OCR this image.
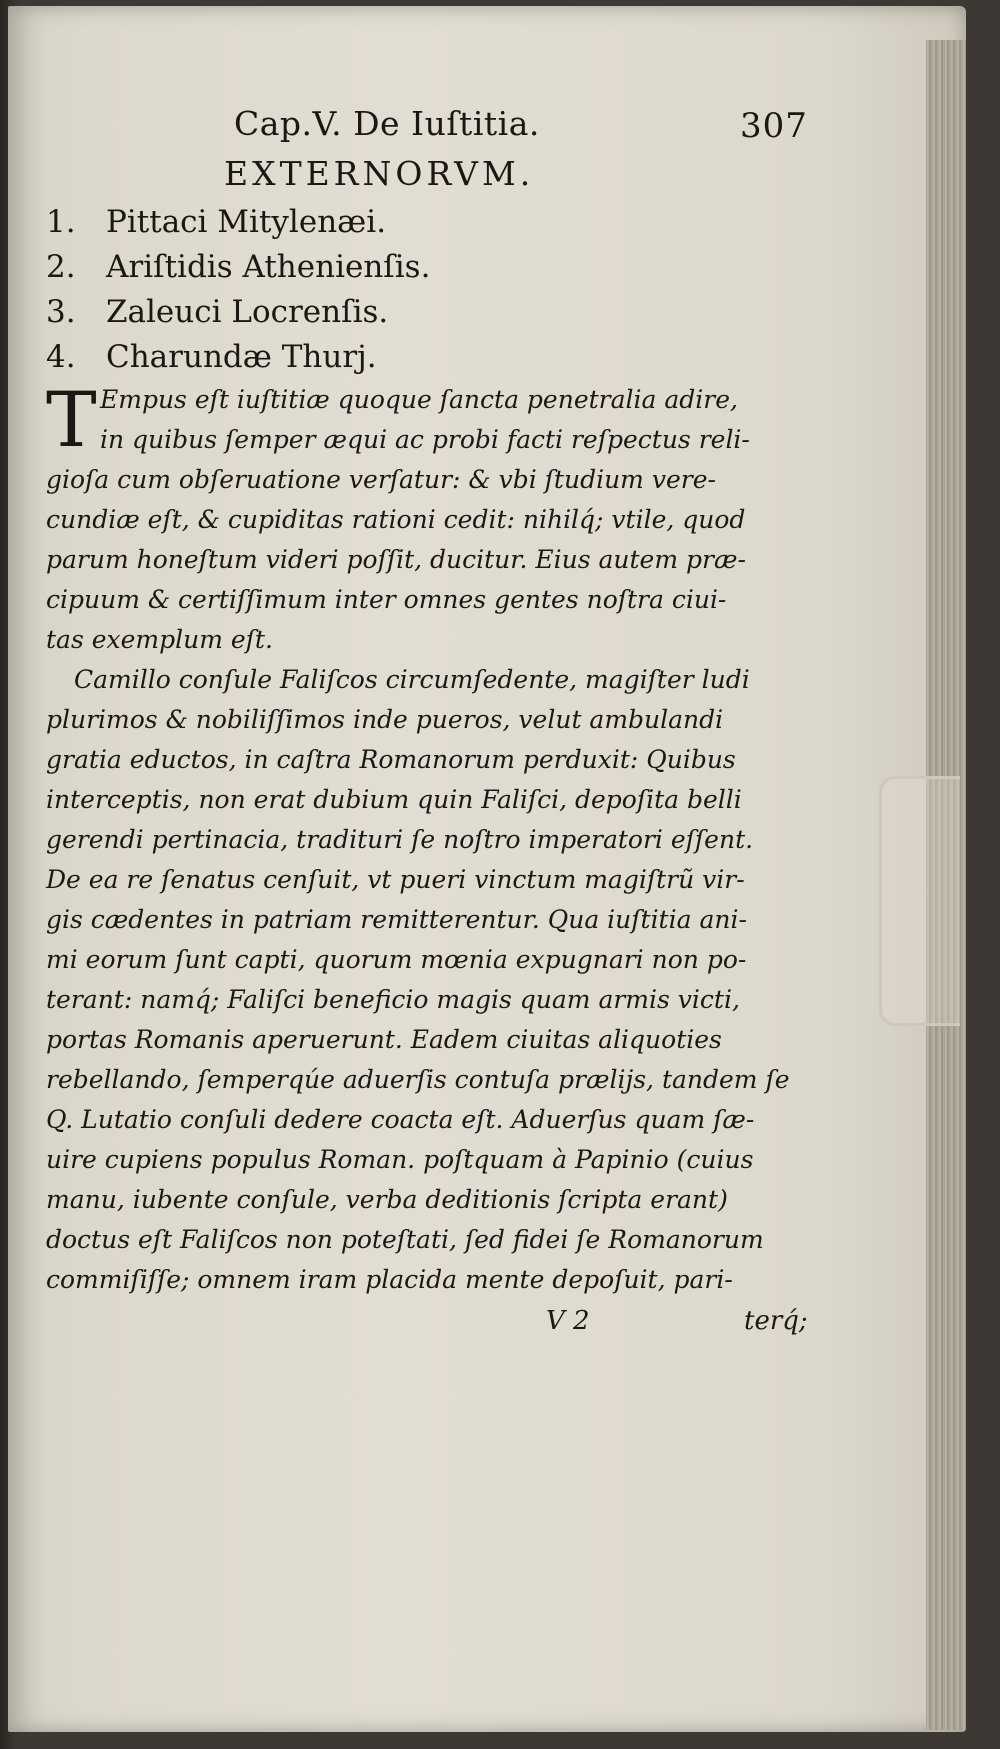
Cap.V. De Iuſtitia.	307
EXTERNORVM.
1. Pittaci Mitylenæi.
2. Ariſtidis Athenienſis.
3. Zaleuci Locrenſis.
4. Charundæ Thurj.
T Empus eſt iuſtitiæ quoque ſancta penetralia adire,
in quibus ſemper æqui ac probi facti reſpectus reli-
gioſa cum obſeruatione verſatur: & vbi ſtudium vere-
cundiæ eſt, & cupiditas rationi cedit: nihilq́; vtile, quod
parum honeſtum videri poſſit, ducitur. Eius autem præ-
cipuum & certiſſimum inter omnes gentes noſtra ciui-
tas exemplum eſt.
Camillo conſule Faliſcos circumſedente, magiſter ludi
plurimos & nobiliſſimos inde pueros, velut ambulandi
gratia eductos, in caſtra Romanorum perduxit: Quibus
interceptis, non erat dubium quin Faliſci, depoſita belli
gerendi pertinacia, tradituri ſe noſtro imperatori eſſent.
De ea re ſenatus cenſuit, vt pueri vinctum magiſtrũ vir-
gis cædentes in patriam remitterentur. Qua iuſtitia ani-
mi eorum ſunt capti, quorum mœnia expugnari non po-
terant: namq́; Faliſci beneficio magis quam armis victi,
portas Romanis aperuerunt. Eadem ciuitas aliquoties
rebellando, ſemperqúe aduerſis contuſa prælijs, tandem ſe
Q. Lutatio conſuli dedere coacta eſt. Aduerſus quam ſæ-
uire cupiens populus Roman. poſtquam à Papinio (cuius
manu, iubente conſule, verba deditionis ſcripta erant)
doctus eſt Faliſcos non poteſtati, ſed fidei ſe Romanorum
commiſiſſe; omnem iram placida mente depoſuit, pari-
V 2	terq́;
